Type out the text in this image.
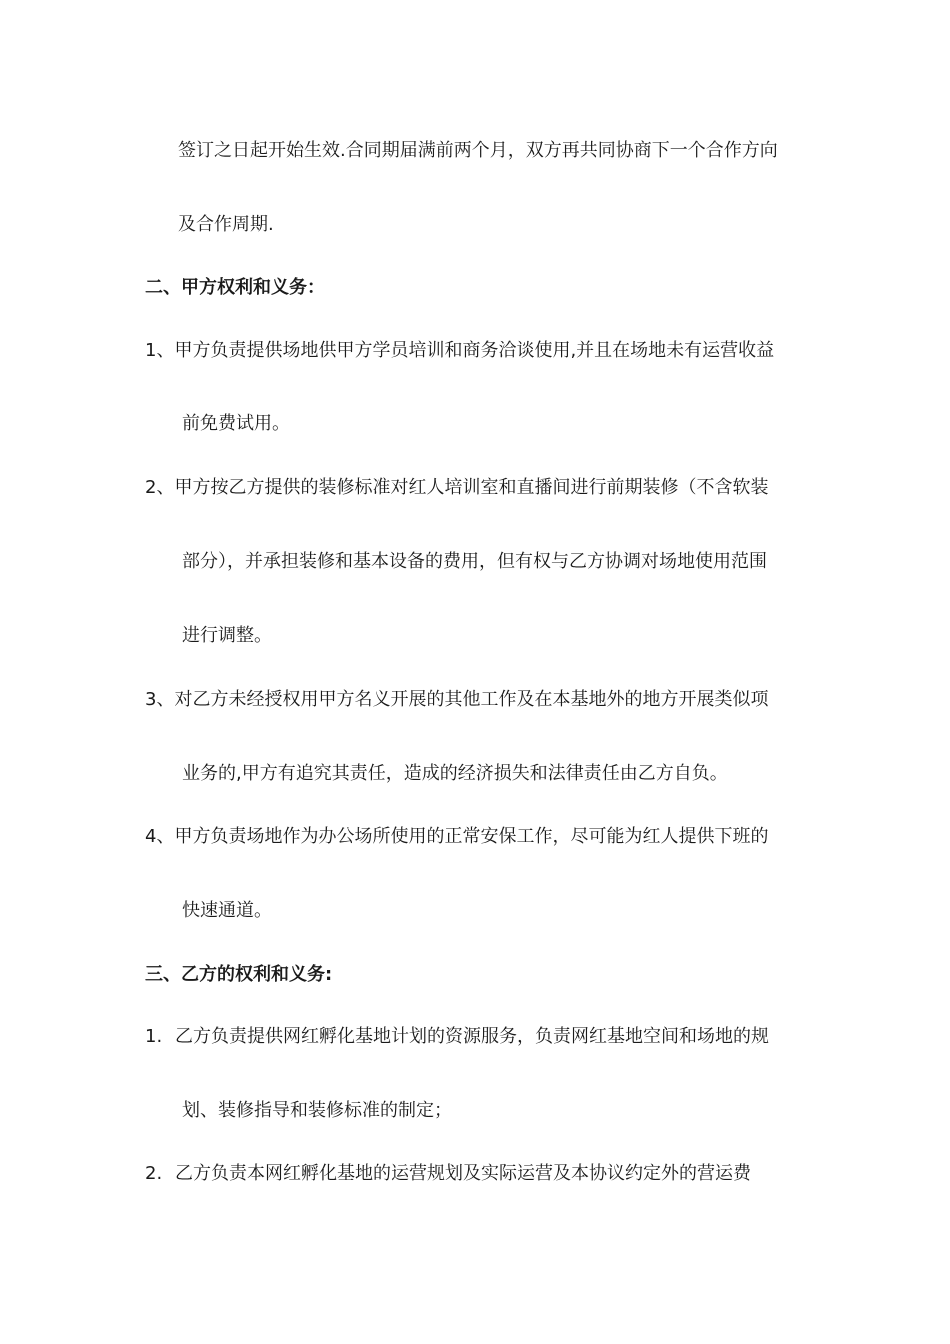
签订之日起开始生效.合同期届满前两个月，双方再共同协商下一个合作方向
及合作周期.
二、甲方权利和义务：
1、甲方负责提供场地供甲方学员培训和商务洽谈使用,并且在场地未有运营收益
前免费试用。
2、甲方按乙方提供的装修标准对红人培训室和直播间进行前期装修（不含软装
部分），并承担装修和基本设备的费用，但有权与乙方协调对场地使用范围
进行调整。
3、对乙方未经授权用甲方名义开展的其他工作及在本基地外的地方开展类似项
业务的,甲方有追究其责任，造成的经济损失和法律责任由乙方自负。
4、甲方负责场地作为办公场所使用的正常安保工作，尽可能为红人提供下班的
快速通道。
三、乙方的权利和义务:
1. 乙方负责提供网红孵化基地计划的资源服务，负责网红基地空间和场地的规
划、装修指导和装修标准的制定；
2. 乙方负责本网红孵化基地的运营规划及实际运营及本协议约定外的营运费
